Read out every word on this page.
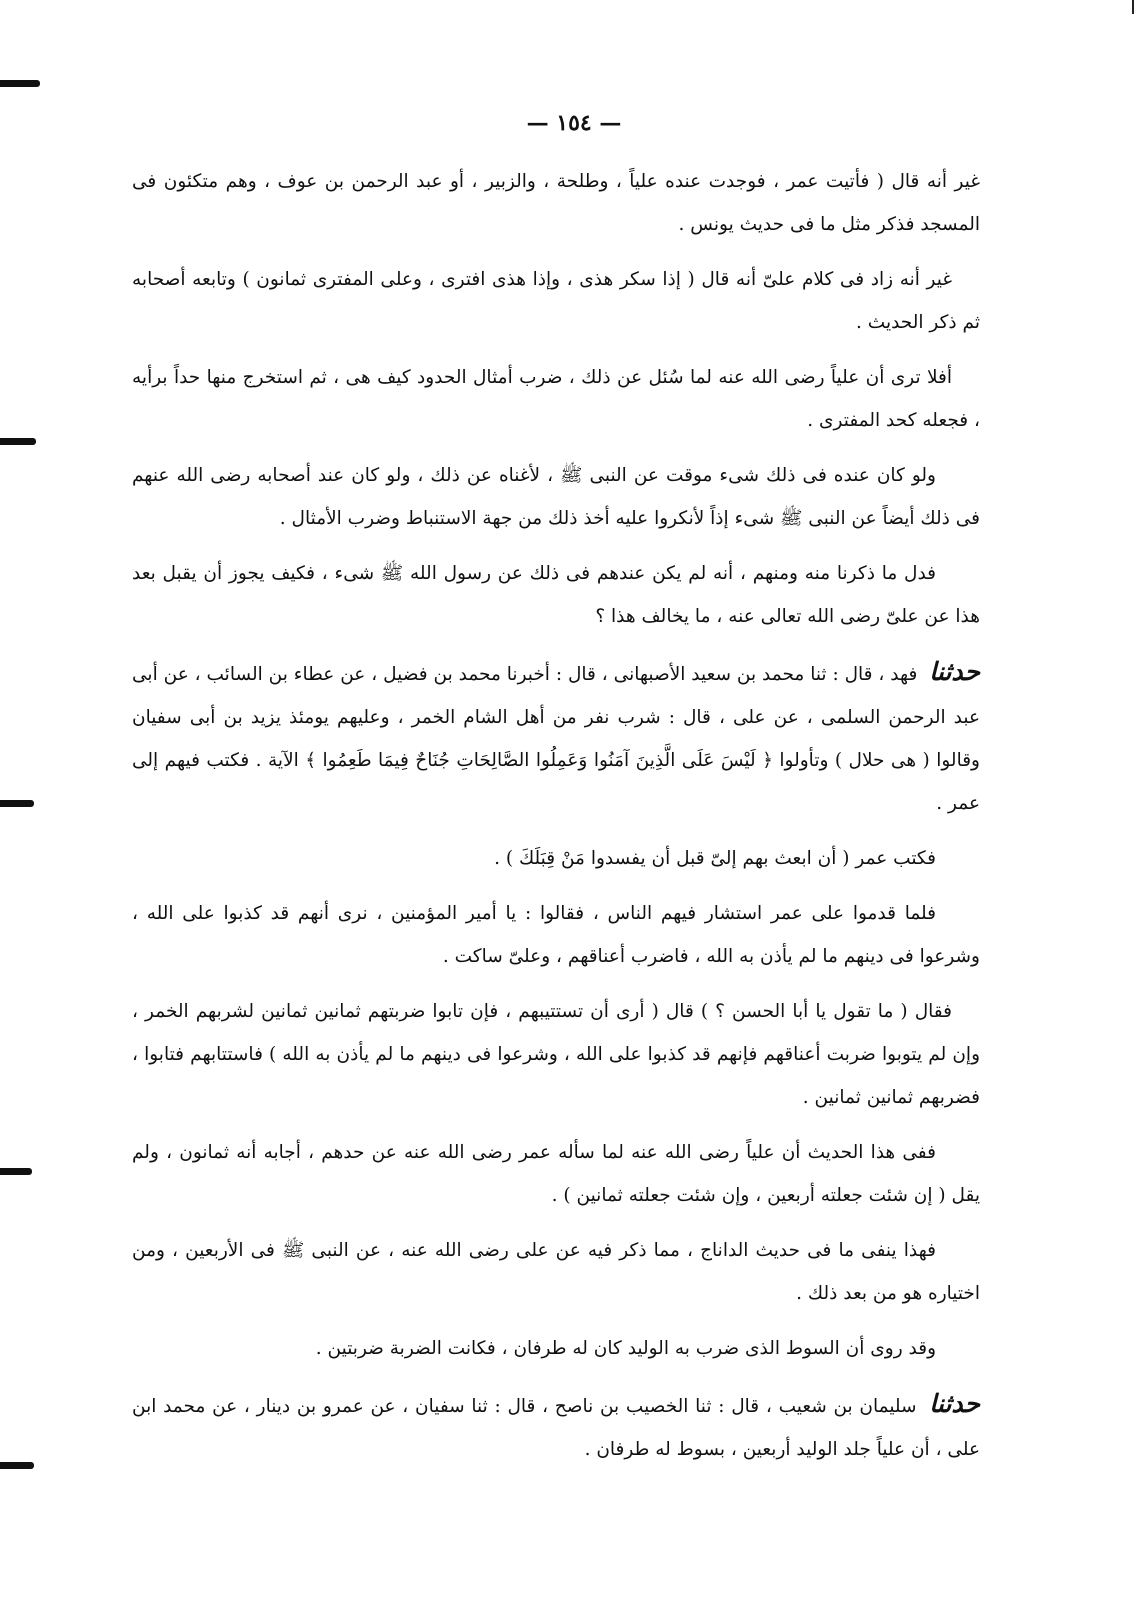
— ١٥٤ —

غير أنه قال ( فأتيت عمر ، فوجدت عنده علياً ، وطلحة ، والزبير ، أو عبد الرحمن بن عوف ، وهم متكئون فى المسجد فذكر مثل ما فى حديث يونس .

غير أنه زاد فى كلام علىّ أنه قال ( إذا سكر هذى ، وإذا هذى افترى ، وعلى المفترى ثمانون ) وتابعه أصحابه ثم ذكر الحديث .

أفلا ترى أن علياً رضى الله عنه لما سُئل عن ذلك ، ضرب أمثال الحدود كيف هى ، ثم استخرج منها حداً برأيه ، فجعله كحد المفترى .

ولو كان عنده فى ذلك شىء موقت عن النبى ﷺ ، لأغناه عن ذلك ، ولو كان عند أصحابه رضى الله عنهم فى ذلك أيضاً عن النبى ﷺ شىء إذاً لأنكروا عليه أخذ ذلك من جهة الاستنباط وضرب الأمثال .

فدل ما ذكرنا منه ومنهم ، أنه لم يكن عندهم فى ذلك عن رسول الله ﷺ شىء ، فكيف يجوز أن يقبل بعد هذا عن علىّ رضى الله تعالى عنه ، ما يخالف هذا ؟

حدثنا فهد ، قال : ثنا محمد بن سعيد الأصبهانى ، قال : أخبرنا محمد بن فضيل ، عن عطاء بن السائب ، عن أبى عبد الرحمن السلمى ، عن على ، قال : شرب نفر من أهل الشام الخمر ، وعليهم يومئذ يزيد بن أبى سفيان وقالوا ( هى حلال ) وتأولوا ﴿ لَيْسَ عَلَى الَّذِينَ آمَنُوا وَعَمِلُوا الصَّالِحَاتِ جُنَاحٌ فِيمَا طَعِمُوا ﴾ الآية . فكتب فيهم إلى عمر .

فكتب عمر ( أن ابعث بهم إلىّ قبل أن يفسدوا مَنْ قِبَلَكَ ) .

فلما قدموا على عمر استشار فيهم الناس ، فقالوا : يا أمير المؤمنين ، نرى أنهم قد كذبوا على الله ، وشرعوا فى دينهم ما لم يأذن به الله ، فاضرب أعناقهم ، وعلىّ ساكت .

فقال ( ما تقول يا أبا الحسن ؟ ) قال ( أرى أن تستتيبهم ، فإن تابوا ضربتهم ثمانين ثمانين لشربهم الخمر ، وإن لم يتوبوا ضربت أعناقهم فإنهم قد كذبوا على الله ، وشرعوا فى دينهم ما لم يأذن به الله ) فاستتابهم فتابوا ، فضربهم ثمانين ثمانين .

ففى هذا الحديث أن علياً رضى الله عنه لما سأله عمر رضى الله عنه عن حدهم ، أجابه أنه ثمانون ، ولم يقل ( إن شئت جعلته أربعين ، وإن شئت جعلته ثمانين ) .

فهذا ينفى ما فى حديث الداناج ، مما ذكر فيه عن على رضى الله عنه ، عن النبى ﷺ فى الأربعين ، ومن اختياره هو من بعد ذلك .

وقد روى أن السوط الذى ضرب به الوليد كان له طرفان ، فكانت الضربة ضربتين .

حدثنا سليمان بن شعيب ، قال : ثنا الخصيب بن ناصح ، قال : ثنا سفيان ، عن عمرو بن دينار ، عن محمد ابن على ، أن علياً جلد الوليد أربعين ، بسوط له طرفان .
